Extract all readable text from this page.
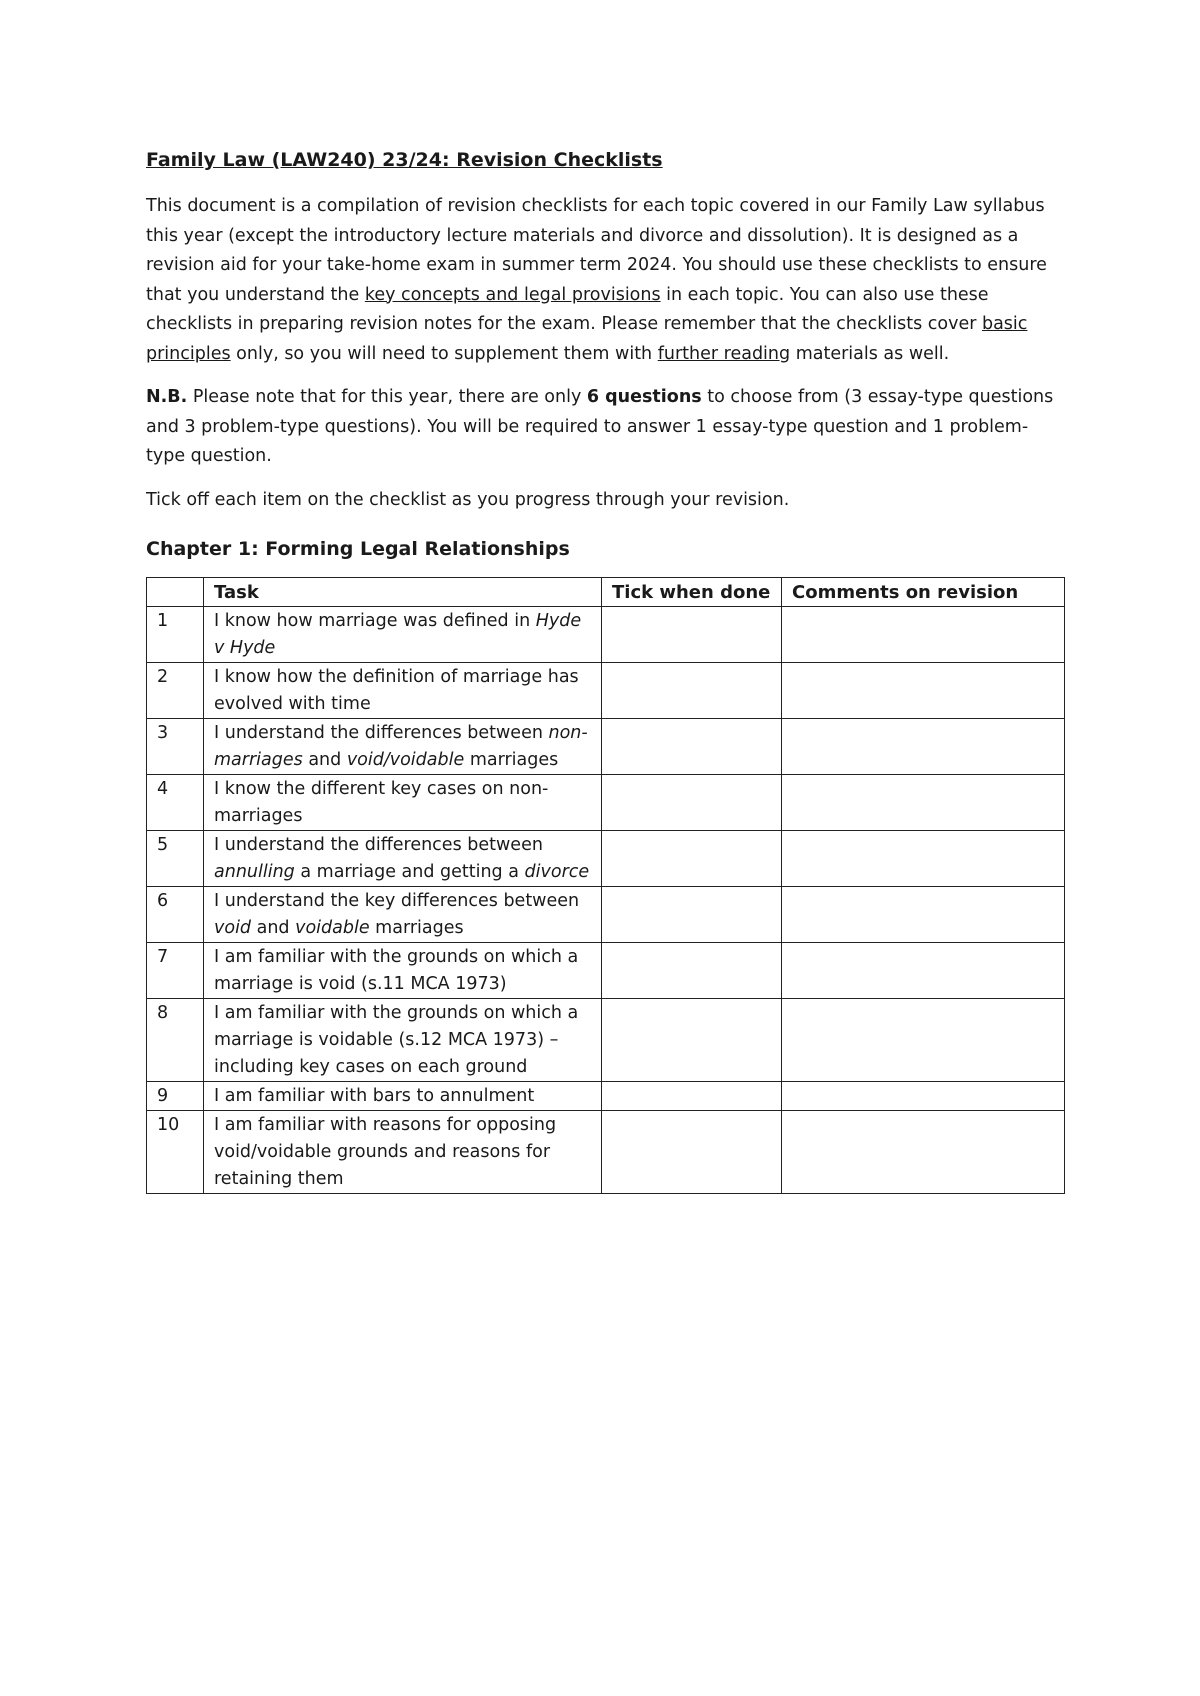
Family Law (LAW240) 23/24: Revision Checklists

This document is a compilation of revision checklists for each topic covered in our Family Law syllabus this year (except the introductory lecture materials and divorce and dissolution). It is designed as a revision aid for your take-home exam in summer term 2024. You should use these checklists to ensure that you understand the key concepts and legal provisions in each topic. You can also use these checklists in preparing revision notes for the exam. Please remember that the checklists cover basic principles only, so you will need to supplement them with further reading materials as well.

N.B. Please note that for this year, there are only 6 questions to choose from (3 essay-type questions and 3 problem-type questions). You will be required to answer 1 essay-type question and 1 problem-type question.

Tick off each item on the checklist as you progress through your revision.

Chapter 1: Forming Legal Relationships
	Task	Tick when done	Comments on revision
1	I know how marriage was defined in Hyde v Hyde		
2	I know how the definition of marriage has evolved with time		
3	I understand the differences between non-marriages and void/voidable marriages		
4	I know the different key cases on non-marriages		
5	I understand the differences between annulling a marriage and getting a divorce		
6	I understand the key differences between void and voidable marriages		
7	I am familiar with the grounds on which a marriage is void (s.11 MCA 1973)		
8	I am familiar with the grounds on which a marriage is voidable (s.12 MCA 1973) – including key cases on each ground		
9	I am familiar with bars to annulment		
10	I am familiar with reasons for opposing void/voidable grounds and reasons for retaining them		
